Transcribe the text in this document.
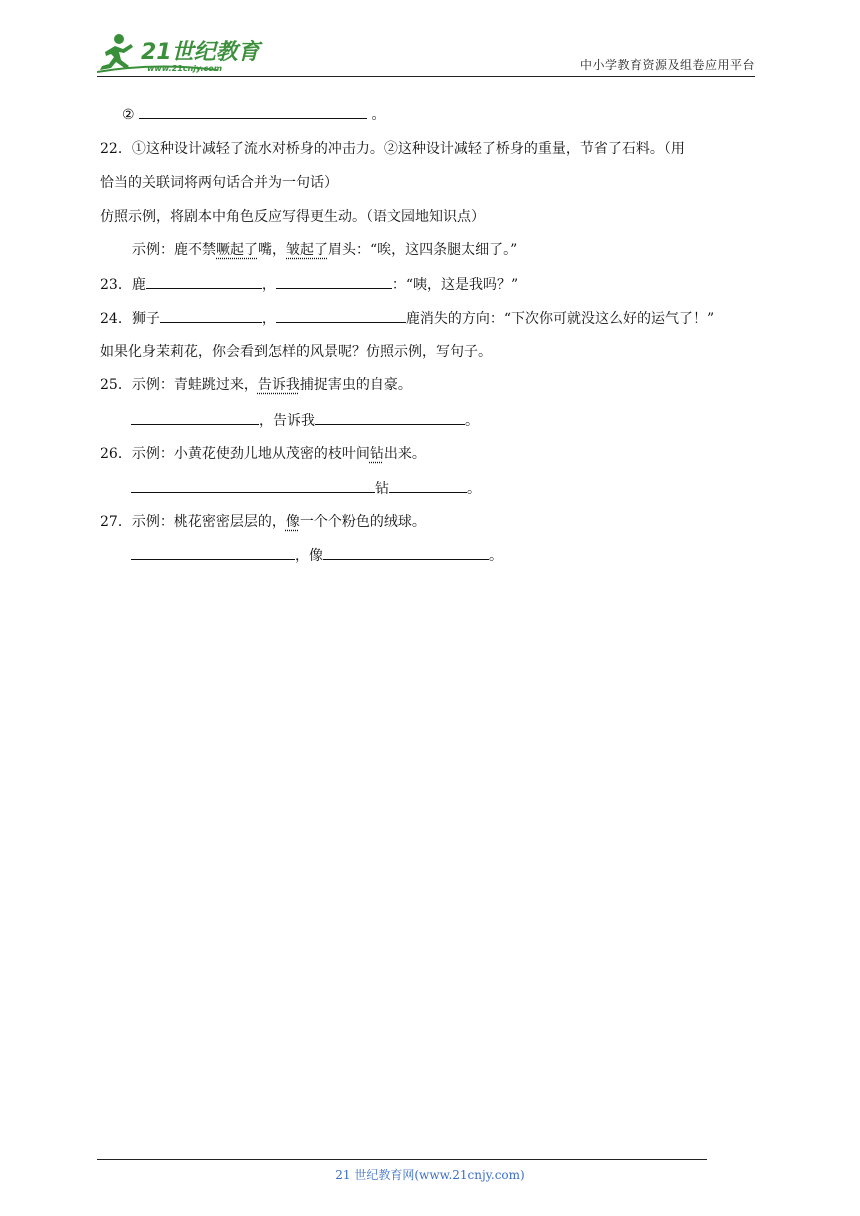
21世纪教育
www.21cnjy.com	中小学教育资源及组卷应用平台
②	。
22．①这种设计减轻了流水对桥身的冲击力。②这种设计减轻了桥身的重量，节省了石料。（用
恰当的关联词将两句话合并为一句话）
仿照示例，将剧本中角色反应写得更生动。（语文园地知识点）
示例：鹿不禁噘起了嘴，皱起了眉头：“唉，这四条腿太细了。”
23．鹿	，	：“咦，这是我吗？”
24．狮子	，	鹿消失的方向：“下次你可就没这么好的运气了！”
如果化身茉莉花，你会看到怎样的风景呢？仿照示例，写句子。
25．示例：青蛙跳过来，告诉我捕捉害虫的自豪。
，告诉我	。
26．示例：小黄花使劲儿地从茂密的枝叶间钻出来。
钻	。
27．示例：桃花密密层层的，像一个个粉色的绒球。
，像	。
21 世纪教育网(www.21cnjy.com)
